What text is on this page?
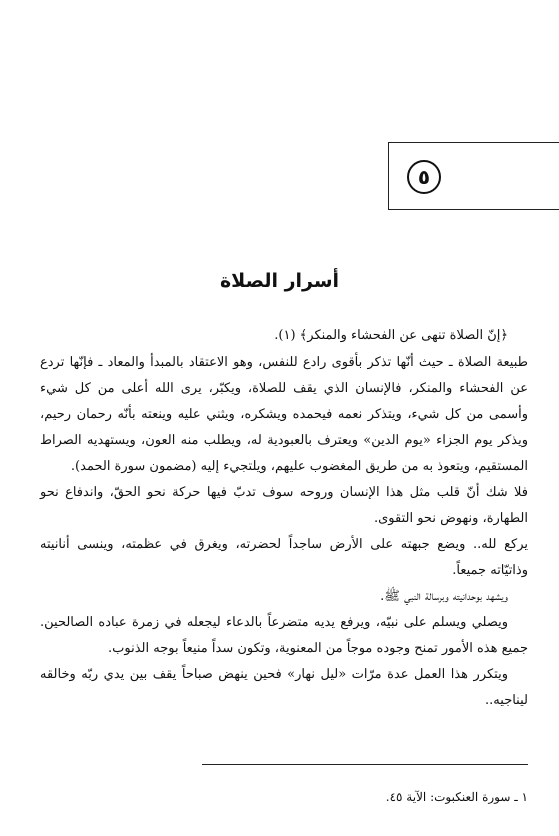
٥
أسرار الصلاة

﴿إنّ الصلاة تنهى عن الفحشاء والمنكر﴾ (١).

طبيعة الصلاة ـ حيث أنّها تذكر بأقوى رادع للنفس، وهو الاعتقاد بالمبدأ والمعاد ـ فإنّها تردع عن الفحشاء والمنكر، فالإنسان الذي يقف للصلاة، ويكبّر، يرى الله أعلى من كل شيء وأسمى من كل شيء، ويتذكر نعمه فيحمده ويشكره، ويثني عليه وينعته بأنّه رحمان رحيم، ويذكر يوم الجزاء «يوم الدين» ويعترف بالعبودية له، ويطلب منه العون، ويستهديه الصراط المستقيم، ويتعوذ به من طريق المغضوب عليهم، ويلتجيء إليه (مضمون سورة الحمد).

فلا شك أنّ قلب مثل هذا الإنسان وروحه سوف تدبّ فيها حركة نحو الحقّ، واندفاع نحو الطهارة، ونهوض نحو التقوى.

يركع لله.. ويضع جبهته على الأرض ساجداً لحضرته، ويغرق في عظمته، وينسى أنانيته وذاتيّاته جميعاً.

ويشهد بوحدانيته وبرسالة النبي ﷺ.

ويصلي ويسلم على نبيّه، ويرفع يديه متضرعاً بالدعاء ليجعله في زمرة عباده الصالحين. جميع هذه الأمور تمنح وجوده موجاً من المعنوية، وتكون سداً منيعاً بوجه الذنوب.

ويتكرر هذا العمل عدة مرّات «ليل نهار» فحين ينهض صباحاً يقف بين يدي ربّه وخالقه ليناجيه..

١ ـ سورة العنكبوت: الآية ٤٥.
